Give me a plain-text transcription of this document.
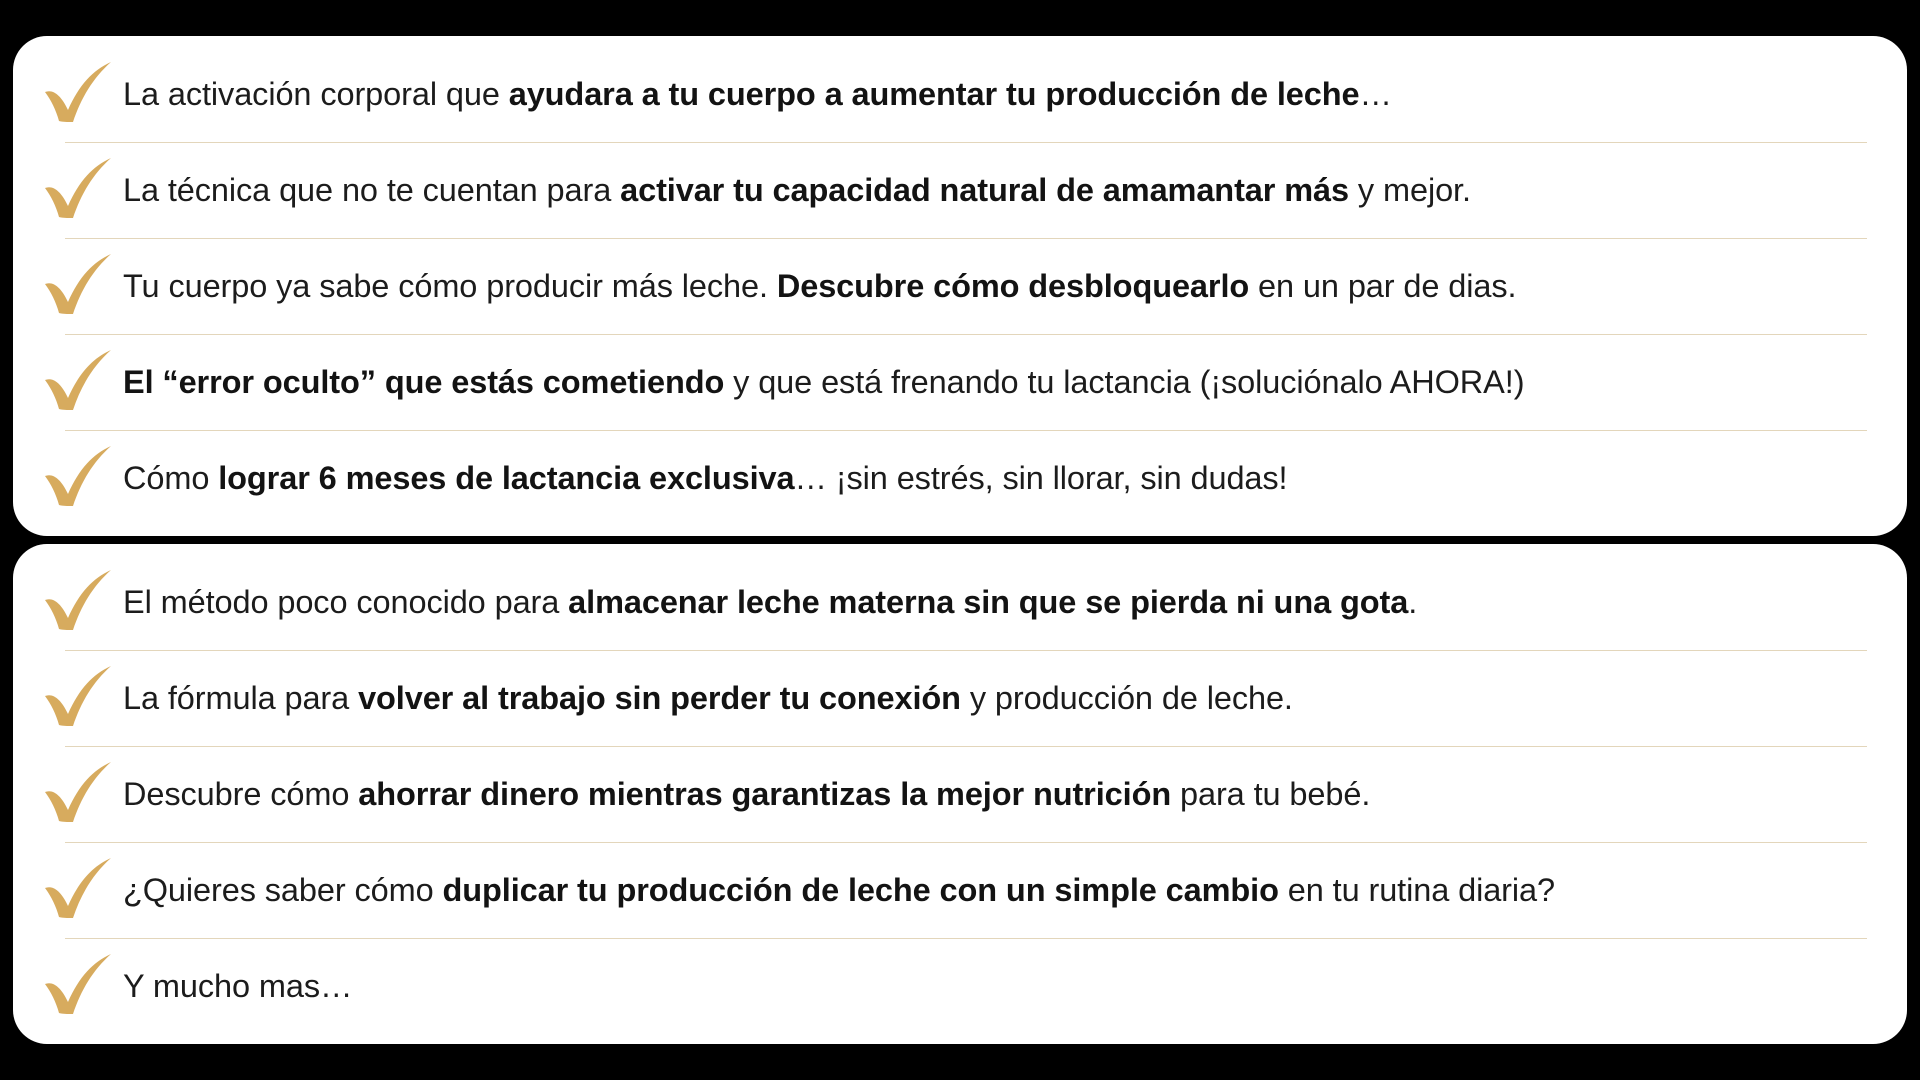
La activación corporal que ayudara a tu cuerpo a aumentar tu producción de leche…
La técnica que no te cuentan para activar tu capacidad natural de amamantar más y mejor.
Tu cuerpo ya sabe cómo producir más leche. Descubre cómo desbloquearlo en un par de dias.
El “error oculto” que estás cometiendo y que está frenando tu lactancia (¡soluciónalo AHORA!)
Cómo lograr 6 meses de lactancia exclusiva… ¡sin estrés, sin llorar, sin dudas!
El método poco conocido para almacenar leche materna sin que se pierda ni una gota.
La fórmula para volver al trabajo sin perder tu conexión y producción de leche.
Descubre cómo ahorrar dinero mientras garantizas la mejor nutrición para tu bebé.
¿Quieres saber cómo duplicar tu producción de leche con un simple cambio en tu rutina diaria?
Y mucho mas…
